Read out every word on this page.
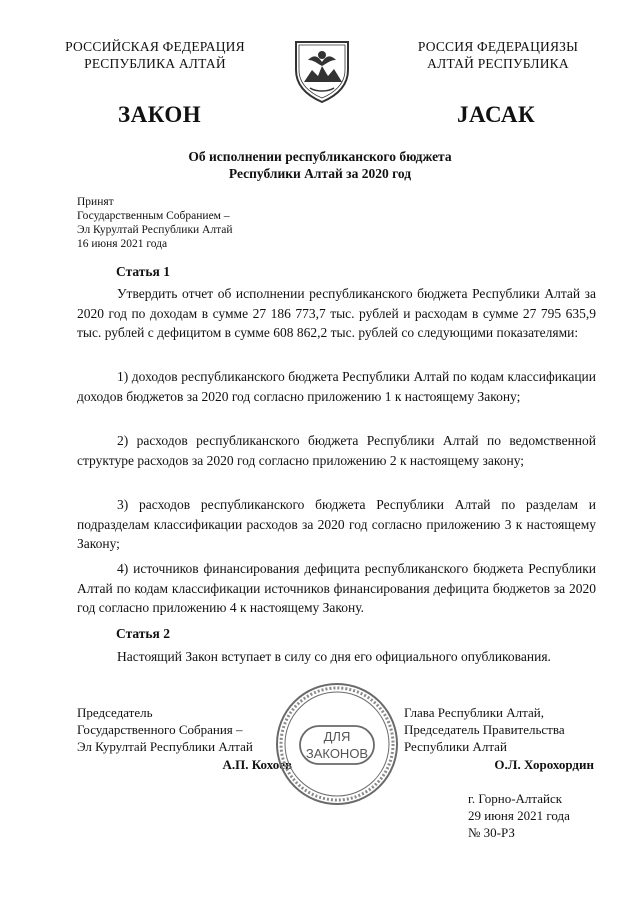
РОССИЙСКАЯ ФЕДЕРАЦИЯ
РЕСПУБЛИКА АЛТАЙ
РОССИЯ ФЕДЕРАЦИЯЗЫ
АЛТАЙ РЕСПУБЛИКА
ЗАКОН	JАСАК
Об исполнении республиканского бюджета
Республики Алтай за 2020 год
Принят
Государственным Собранием –
Эл Курултай Республики Алтай
16 июня 2021 года
Статья 1
Утвердить отчет об исполнении республиканского бюджета Республики Алтай за 2020 год по доходам в сумме 27 186 773,7 тыс. рублей и расходам в сумме 27 795 635,9 тыс. рублей с дефицитом в сумме 608 862,2 тыс. рублей со следующими показателями:
1) доходов республиканского бюджета Республики Алтай по кодам классификации доходов бюджетов за 2020 год согласно приложению 1 к настоящему Закону;
2) расходов республиканского бюджета Республики Алтай по ведомственной структуре расходов за 2020 год согласно приложению 2 к настоящему закону;
3) расходов республиканского бюджета Республики Алтай по разделам и подразделам классификации расходов за 2020 год согласно приложению 3 к настоящему Закону;
4) источников финансирования дефицита республиканского бюджета Республики Алтай по кодам классификации источников финансирования дефицита бюджетов за 2020 год согласно приложению 4 к настоящему Закону.
Статья 2
Настоящий Закон вступает в силу со дня его официального опубликования.
Председатель
Государственного Собрания –
Эл Курултай Республики Алтай
А.П. Кохоев
ДЛЯ
ЗАКОНОВ
Глава Республики Алтай,
Председатель Правительства
Республики Алтай
О.Л. Хорохордин
г. Горно-Алтайск
29 июня 2021 года
№ 30-РЗ
